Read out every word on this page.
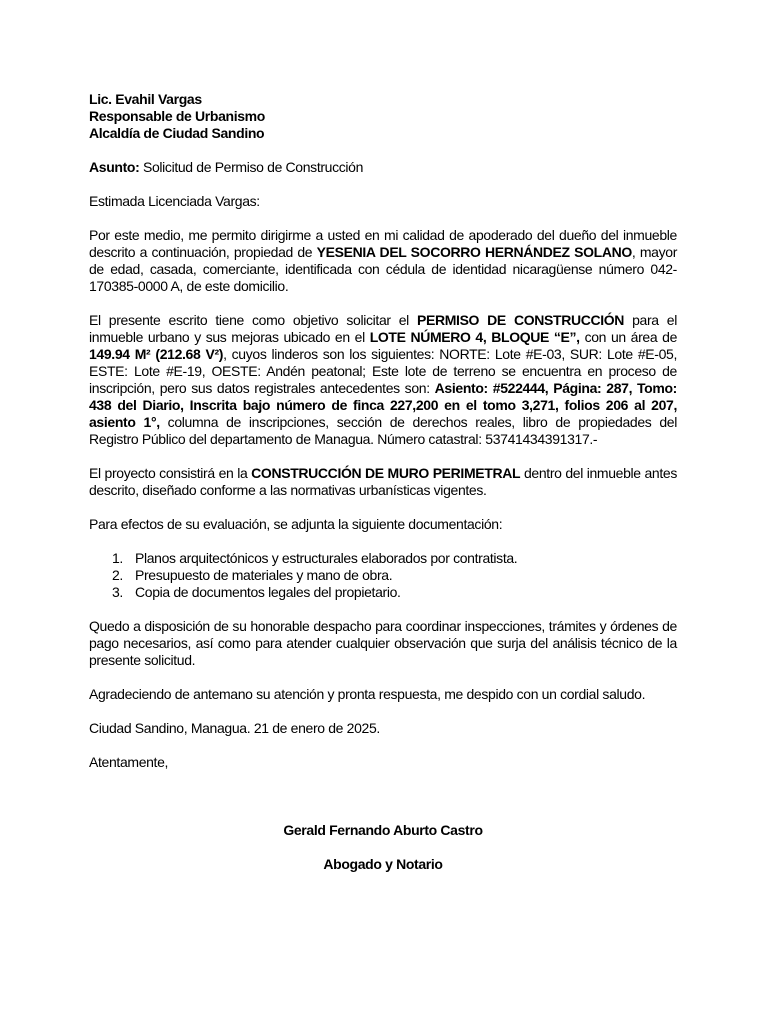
Lic. Evahil Vargas
Responsable de Urbanismo
Alcaldía de Ciudad Sandino
Asunto: Solicitud de Permiso de Construcción
Estimada Licenciada Vargas:
Por este medio, me permito dirigirme a usted en mi calidad de apoderado del dueño del inmueble descrito a continuación, propiedad de YESENIA DEL SOCORRO HERNÁNDEZ SOLANO, mayor de edad, casada, comerciante, identificada con cédula de identidad nicaragüense número 042-170385-0000 A, de este domicilio.
El presente escrito tiene como objetivo solicitar el PERMISO DE CONSTRUCCIÓN para el inmueble urbano y sus mejoras ubicado en el LOTE NÚMERO 4, BLOQUE “E”, con un área de 149.94 M² (212.68 V²), cuyos linderos son los siguientes: NORTE: Lote #E-03, SUR: Lote #E-05, ESTE: Lote #E-19, OESTE: Andén peatonal; Este lote de terreno se encuentra en proceso de inscripción, pero sus datos registrales antecedentes son: Asiento: #522444, Página: 287, Tomo: 438 del Diario, Inscrita bajo número de finca 227,200 en el tomo 3,271, folios 206 al 207, asiento 1°, columna de inscripciones, sección de derechos reales, libro de propiedades del Registro Público del departamento de Managua. Número catastral: 53741434391317.-
El proyecto consistirá en la CONSTRUCCIÓN DE MURO PERIMETRAL dentro del inmueble antes descrito, diseñado conforme a las normativas urbanísticas vigentes.
Para efectos de su evaluación, se adjunta la siguiente documentación:
1. Planos arquitectónicos y estructurales elaborados por contratista.
2. Presupuesto de materiales y mano de obra.
3. Copia de documentos legales del propietario.
Quedo a disposición de su honorable despacho para coordinar inspecciones, trámites y órdenes de pago necesarios, así como para atender cualquier observación que surja del análisis técnico de la presente solicitud.
Agradeciendo de antemano su atención y pronta respuesta, me despido con un cordial saludo.
Ciudad Sandino, Managua. 21 de enero de 2025.
Atentamente,
Gerald Fernando Aburto Castro
Abogado y Notario
